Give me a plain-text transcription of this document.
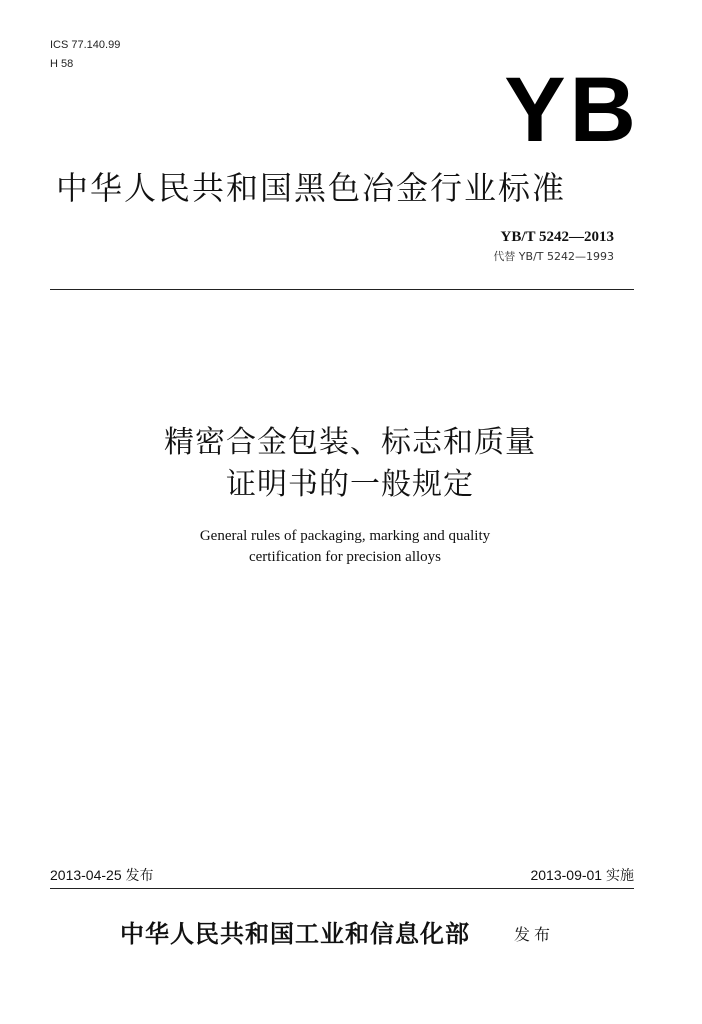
ICS 77.140.99
H 58	YB
中华人民共和国黑色冶金行业标准
YB/T 5242—2013
代替 YB/T 5242—1993
精密合金包装、标志和质量
证明书的一般规定
General rules of packaging, marking and quality
certification for precision alloys
2013-04-25 发布	2013-09-01 实施
中华人民共和国工业和信息化部	发布
